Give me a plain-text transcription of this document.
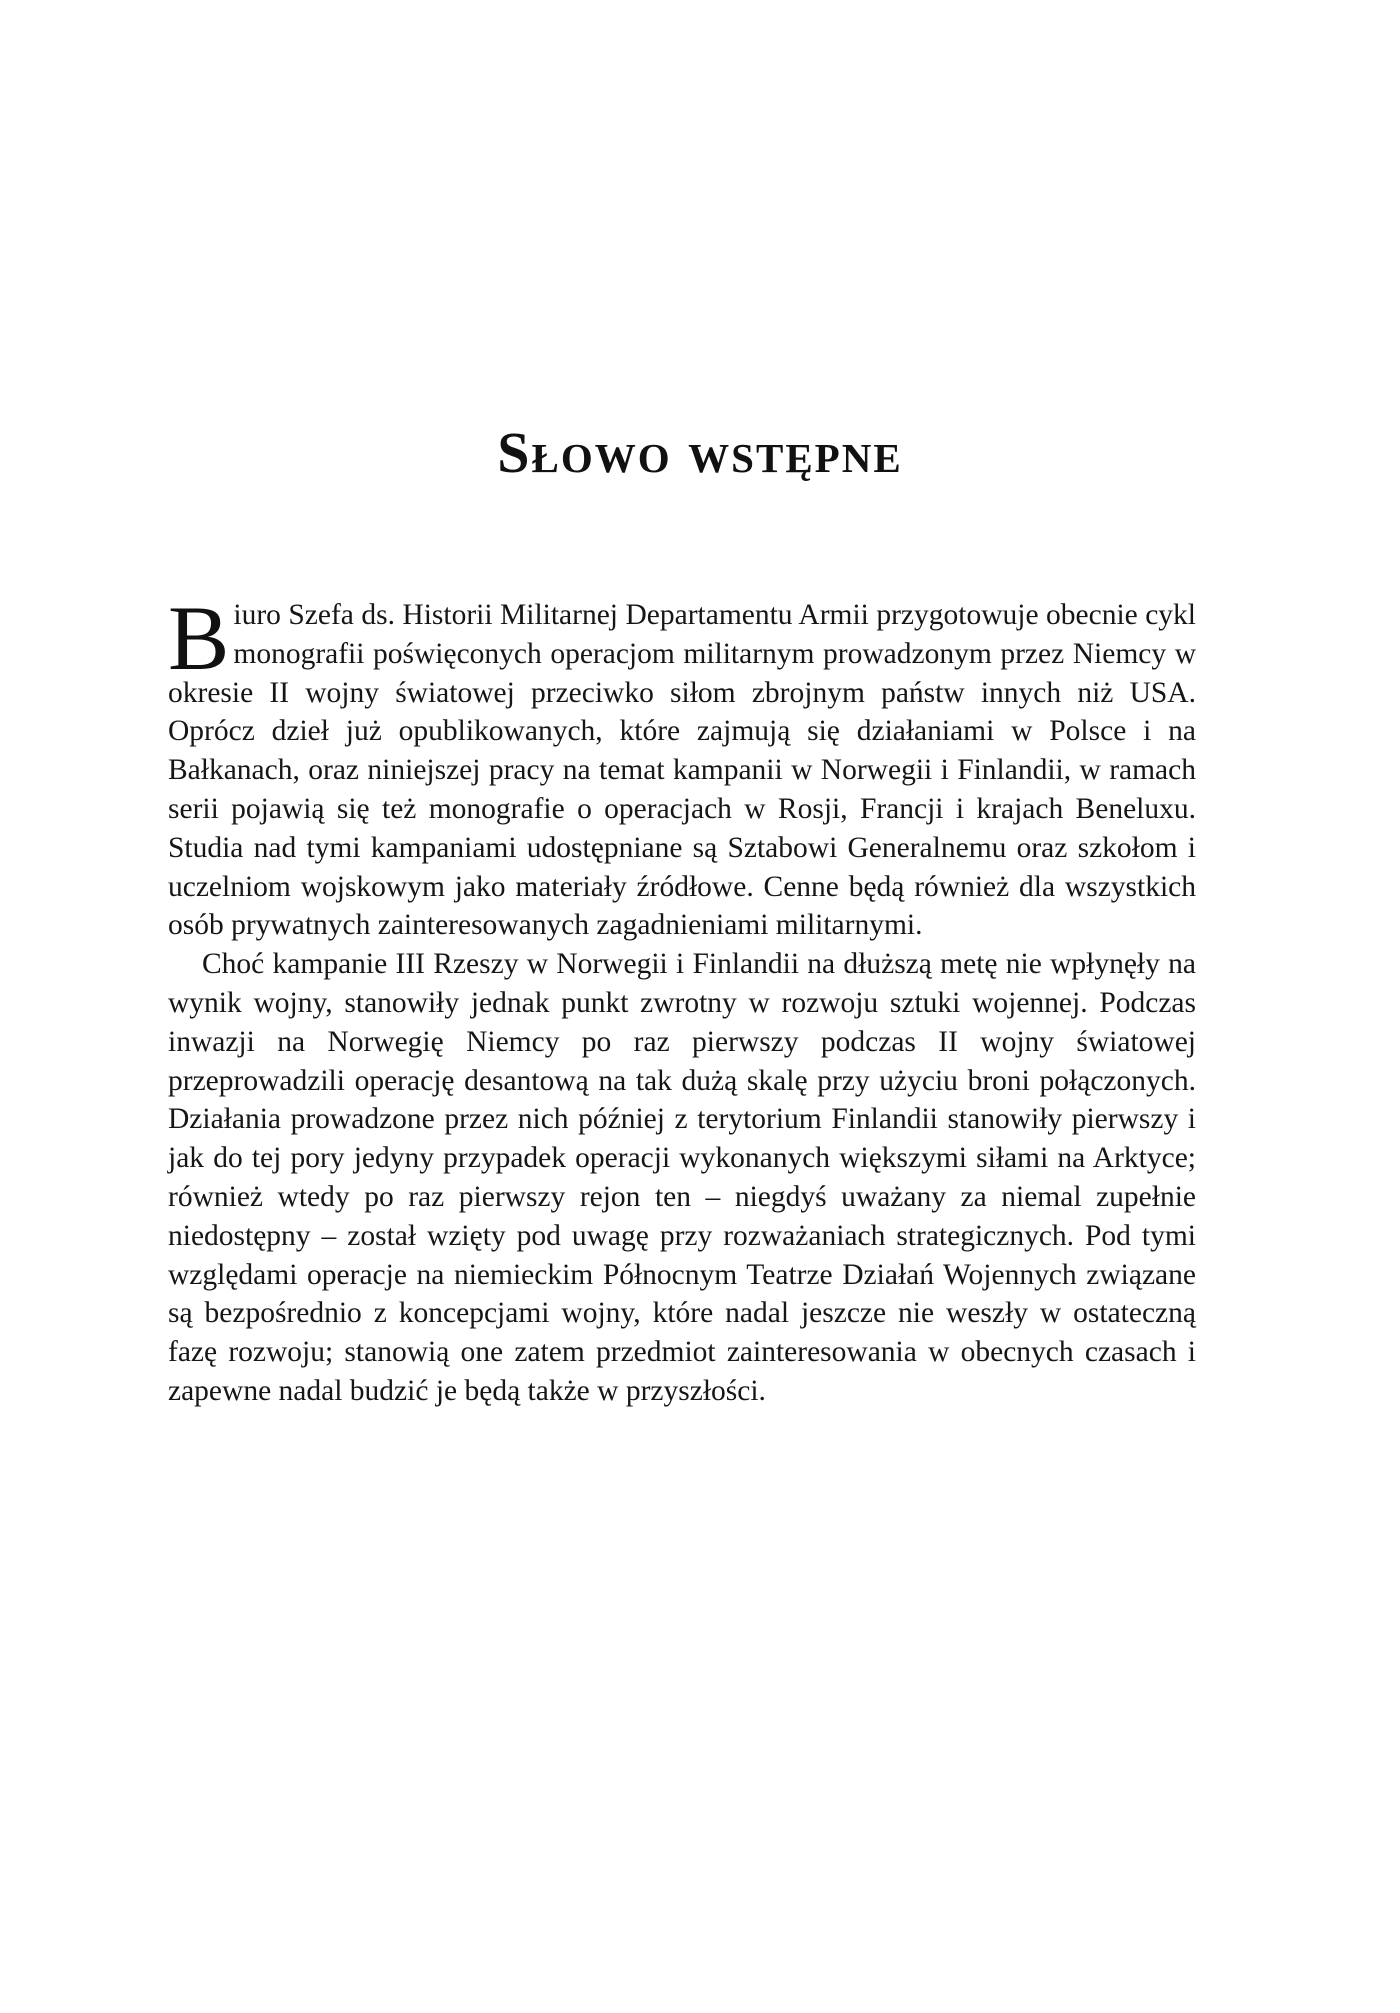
Słowo wstępne

Biuro Szefa ds. Historii Militarnej Departamentu Armii przygotowuje obecnie cykl monografii poświęconych operacjom militarnym prowadzonym przez Niemcy w okresie II wojny światowej przeciwko siłom zbrojnym państw innych niż USA. Oprócz dzieł już opublikowanych, które zajmują się działaniami w Polsce i na Bałkanach, oraz niniejszej pracy na temat kampanii w Norwegii i Finlandii, w ramach serii pojawią się też monografie o operacjach w Rosji, Francji i krajach Beneluxu. Studia nad tymi kampaniami udostępniane są Sztabowi Generalnemu oraz szkołom i uczelniom wojskowym jako materiały źródłowe. Cenne będą również dla wszystkich osób prywatnych zainteresowanych zagadnieniami militarnymi.

Choć kampanie III Rzeszy w Norwegii i Finlandii na dłuższą metę nie wpłynęły na wynik wojny, stanowiły jednak punkt zwrotny w rozwoju sztuki wojennej. Podczas inwazji na Norwegię Niemcy po raz pierwszy podczas II wojny światowej przeprowadzili operację desantową na tak dużą skalę przy użyciu broni połączonych. Działania prowadzone przez nich później z terytorium Finlandii stanowiły pierwszy i jak do tej pory jedyny przypadek operacji wykonanych większymi siłami na Arktyce; również wtedy po raz pierwszy rejon ten – niegdyś uważany za niemal zupełnie niedostępny – został wzięty pod uwagę przy rozważaniach strategicznych. Pod tymi względami operacje na niemieckim Północnym Teatrze Działań Wojennych związane są bezpośrednio z koncepcjami wojny, które nadal jeszcze nie weszły w ostateczną fazę rozwoju; stanowią one zatem przedmiot zainteresowania w obecnych czasach i zapewne nadal budzić je będą także w przyszłości.
